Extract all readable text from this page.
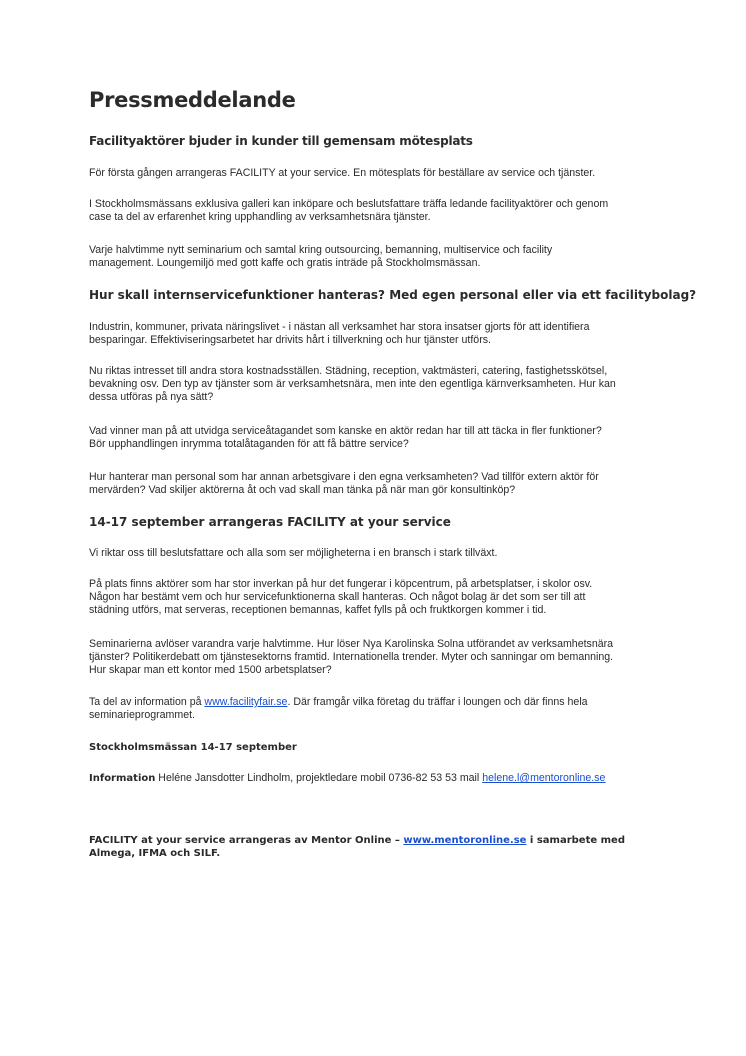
Pressmeddelande
Facilityaktörer bjuder in kunder till gemensam mötesplats

För första gången arrangeras FACILITY at your service. En mötesplats för beställare av service och tjänster.

I Stockholmsmässans exklusiva galleri kan inköpare och beslutsfattare träffa ledande facilityaktörer och genom
case ta del av erfarenhet kring upphandling av verksamhetsnära tjänster.

Varje halvtimme nytt seminarium och samtal kring outsourcing, bemanning, multiservice och facility
management. Loungemiljö med gott kaffe och gratis inträde på Stockholmsmässan.

Hur skall internservicefunktioner hanteras? Med egen personal eller via ett facilitybolag?

Industrin, kommuner, privata näringslivet - i nästan all verksamhet har stora insatser gjorts för att identifiera
besparingar. Effektiviseringsarbetet har drivits hårt i tillverkning och hur tjänster utförs.

Nu riktas intresset till andra stora kostnadsställen. Städning, reception, vaktmästeri, catering, fastighetsskötsel,
bevakning osv. Den typ av tjänster som är verksamhetsnära, men inte den egentliga kärnverksamheten. Hur kan
dessa utföras på nya sätt?

Vad vinner man på att utvidga serviceåtagandet som kanske en aktör redan har till att täcka in fler funktioner?
Bör upphandlingen inrymma totalåtaganden för att få bättre service?

Hur hanterar man personal som har annan arbetsgivare i den egna verksamheten? Vad tillför extern aktör för
mervärden? Vad skiljer aktörerna åt och vad skall man tänka på när man gör konsultinköp?

14-17 september arrangeras FACILITY at your service

Vi riktar oss till beslutsfattare och alla som ser möjligheterna i en bransch i stark tillväxt.

På plats finns aktörer som har stor inverkan på hur det fungerar i köpcentrum, på arbetsplatser, i skolor osv.
Någon har bestämt vem och hur servicefunktionerna skall hanteras. Och något bolag är det som ser till att
städning utförs, mat serveras, receptionen bemannas, kaffet fylls på och fruktkorgen kommer i tid.

Seminarierna avlöser varandra varje halvtimme. Hur löser Nya Karolinska Solna utförandet av verksamhetsnära
tjänster? Politikerdebatt om tjänstesektorns framtid. Internationella trender. Myter och sanningar om bemanning.
Hur skapar man ett kontor med 1500 arbetsplatser?

Ta del av information på www.facilityfair.se. Där framgår vilka företag du träffar i loungen och där finns hela
seminarieprogrammet.

Stockholmsmässan 14-17 september

Information Heléne Jansdotter Lindholm, projektledare mobil 0736-82 53 53 mail helene.l@mentoronline.se

FACILITY at your service arrangeras av Mentor Online – www.mentoronline.se i samarbete med
Almega, IFMA och SILF.
